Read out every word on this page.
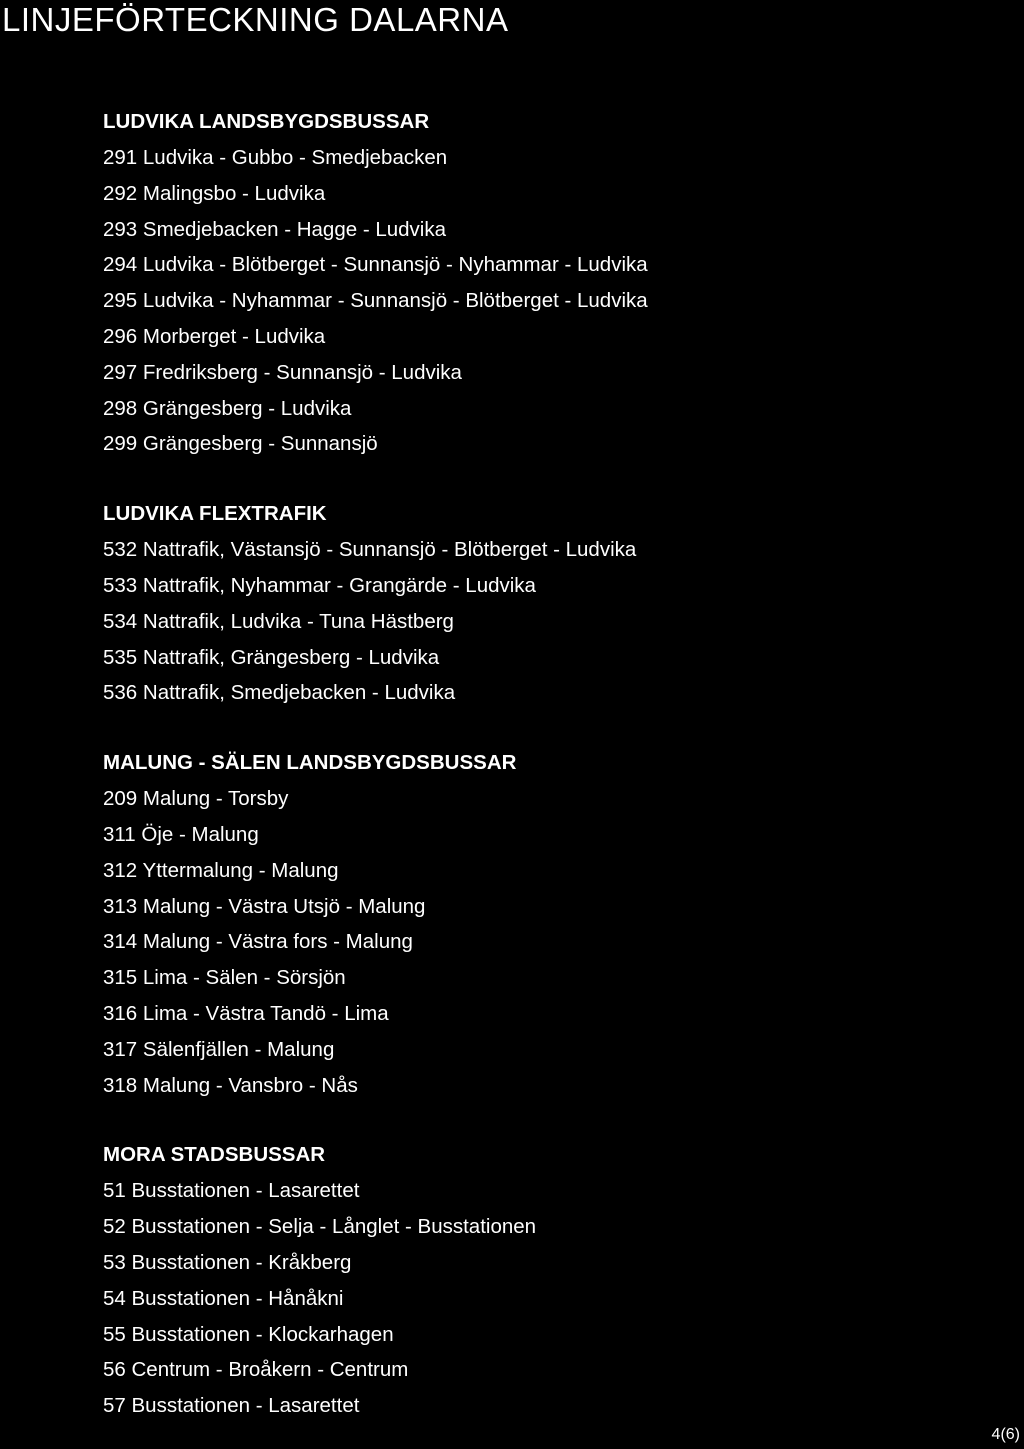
LINJEFÖRTECKNING DALARNA
LUDVIKA LANDSBYGDSBUSSAR
291 Ludvika - Gubbo - Smedjebacken
292 Malingsbo - Ludvika
293 Smedjebacken - Hagge - Ludvika
294 Ludvika - Blötberget - Sunnansjö - Nyhammar - Ludvika
295 Ludvika - Nyhammar - Sunnansjö - Blötberget - Ludvika
296 Morberget - Ludvika
297 Fredriksberg - Sunnansjö - Ludvika
298 Grängesberg - Ludvika
299 Grängesberg - Sunnansjö
LUDVIKA FLEXTRAFIK
532 Nattrafik, Västansjö - Sunnansjö - Blötberget - Ludvika
533 Nattrafik, Nyhammar - Grangärde - Ludvika
534 Nattrafik, Ludvika - Tuna Hästberg
535 Nattrafik, Grängesberg - Ludvika
536 Nattrafik, Smedjebacken - Ludvika
MALUNG - SÄLEN LANDSBYGDSBUSSAR
209 Malung - Torsby
311 Öje - Malung
312 Yttermalung - Malung
313 Malung - Västra Utsjö - Malung
314 Malung - Västra fors - Malung
315 Lima - Sälen - Sörsjön
316 Lima - Västra Tandö - Lima
317 Sälenfjällen - Malung
318 Malung - Vansbro - Nås
MORA STADSBUSSAR
51 Busstationen - Lasarettet
52 Busstationen - Selja - Långlet - Busstationen
53 Busstationen - Kråkberg
54 Busstationen - Hånåkni
55 Busstationen - Klockarhagen
56 Centrum - Broåkern - Centrum
57 Busstationen - Lasarettet
4(6)
